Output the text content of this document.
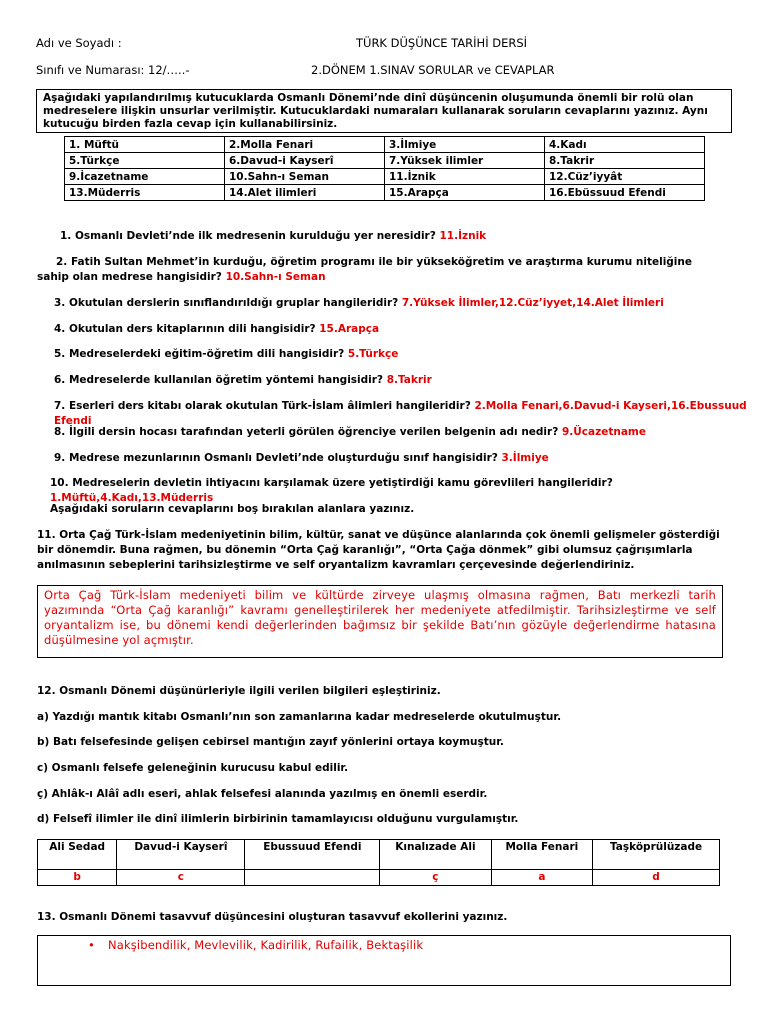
Adı ve Soyadı :	TÜRK DÜŞÜNCE TARİHİ DERSİ
Sınıfı ve Numarası: 12/…..-	2.DÖNEM 1.SINAV SORULAR ve CEVAPLAR
Aşağıdaki yapılandırılmış kutucuklarda Osmanlı Dönemi’nde dinî düşüncenin oluşumunda önemli bir rolü olan medreselere ilişkin unsurlar verilmiştir. Kutucuklardaki numaraları kullanarak soruların cevaplarını yazınız. Aynı kutucuğu birden fazla cevap için kullanabilirsiniz.
1. Müftü	2.Molla Fenari	3.İlmiye	4.Kadı
5.Türkçe	6.Davud-i Kayserî	7.Yüksek ilimler	8.Takrir
9.İcazetname	10.Sahn-ı Seman	11.İznik	12.Cüz’iyyât
13.Müderris	14.Alet ilimleri	15.Arapça	16.Ebüssuud Efendi
1. Osmanlı Devleti’nde ilk medresenin kurulduğu yer neresidir? 11.İznik
2. Fatih Sultan Mehmet’in kurduğu, öğretim programı ile bir yükseköğretim ve araştırma kurumu niteliğine sahip olan medrese hangisidir? 10.Sahn-ı Seman
3. Okutulan derslerin sınıflandırıldığı gruplar hangileridir? 7.Yüksek İlimler,12.Cüz’iyyet,14.Alet İlimleri
4. Okutulan ders kitaplarının dili hangisidir? 15.Arapça
5. Medreselerdeki eğitim-öğretim dili hangisidir? 5.Türkçe
6. Medreselerde kullanılan öğretim yöntemi hangisidir? 8.Takrir
7. Eserleri ders kitabı olarak okutulan Türk-İslam âlimleri hangileridir? 2.Molla Fenari,6.Davud-i Kayseri,16.Ebussuud Efendi
8. İlgili dersin hocası tarafından yeterli görülen öğrenciye verilen belgenin adı nedir? 9.Ücazetname
9. Medrese mezunlarının Osmanlı Devleti’nde oluşturduğu sınıf hangisidir? 3.İlmiye
10. Medreselerin devletin ihtiyacını karşılamak üzere yetiştirdiği kamu görevlileri hangileridir? 1.Müftü,4.Kadı,13.Müderris
Aşağıdaki soruların cevaplarını boş bırakılan alanlara yazınız.
11. Orta Çağ Türk-İslam medeniyetinin bilim, kültür, sanat ve düşünce alanlarında çok önemli gelişmeler gösterdiği bir dönemdir. Buna rağmen, bu dönemin “Orta Çağ karanlığı”, “Orta Çağa dönmek” gibi olumsuz çağrışımlarla anılmasının sebeplerini tarihsizleştirme ve self oryantalizm kavramları çerçevesinde değerlendiriniz.
Orta Çağ Türk-İslam medeniyeti bilim ve kültürde zirveye ulaşmış olmasına rağmen, Batı merkezli tarih yazımında “Orta Çağ karanlığı” kavramı genelleştirilerek her medeniyete atfedilmiştir. Tarihsizleştirme ve self oryantalizm ise, bu dönemi kendi değerlerinden bağımsız bir şekilde Batı’nın gözüyle değerlendirme hatasına düşülmesine yol açmıştır.
12. Osmanlı Dönemi düşünürleriyle ilgili verilen bilgileri eşleştiriniz.
a) Yazdığı mantık kitabı Osmanlı’nın son zamanlarına kadar medreselerde okutulmuştur.
b) Batı felsefesinde gelişen cebirsel mantığın zayıf yönlerini ortaya koymuştur.
c) Osmanlı felsefe geleneğinin kurucusu kabul edilir.
ç) Ahlâk-ı Alâî adlı eseri, ahlak felsefesi alanında yazılmış en önemli eserdir.
d) Felsefî ilimler ile dinî ilimlerin birbirinin tamamlayıcısı olduğunu vurgulamıştır.
Ali Sedad	Davud-i Kayserî	Ebussuud Efendi	Kınalızade Ali	Molla Fenari	Taşköprülüzade
b	c		ç	a	d
13. Osmanlı Dönemi tasavvuf düşüncesini oluşturan tasavvuf ekollerini yazınız.
• Nakşibendilik, Mevlevilik, Kadirilik, Rufailik, Bektaşilik
